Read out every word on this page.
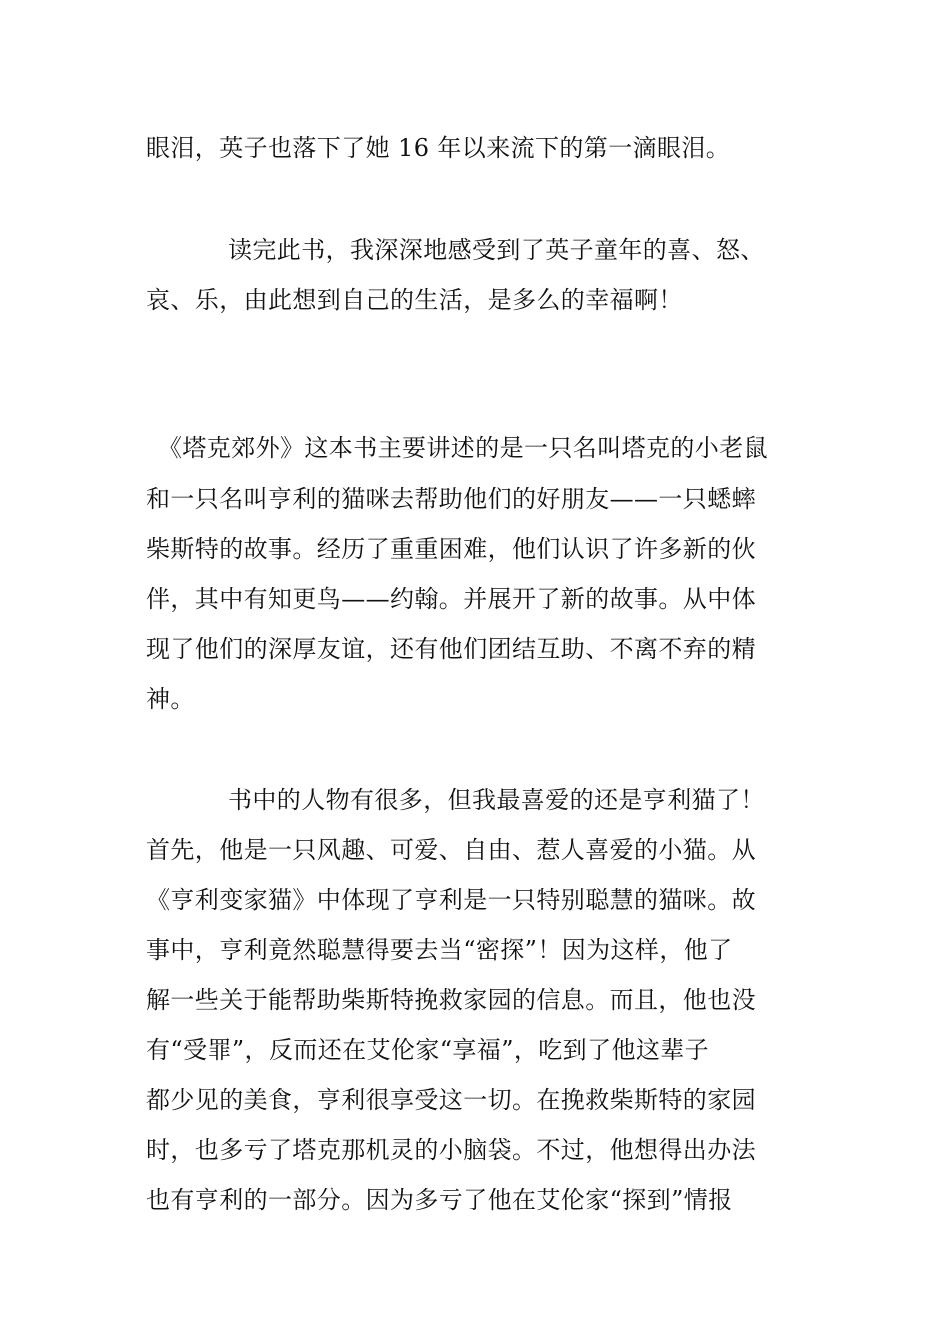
眼泪，英子也落下了她 16 年以来流下的第一滴眼泪。
读完此书，我深深地感受到了英子童年的喜、怒、
哀、乐，由此想到自己的生活，是多么的幸福啊！
《塔克郊外》这本书主要讲述的是一只名叫塔克的小老鼠
和一只名叫亨利的猫咪去帮助他们的好朋友——一只蟋蟀
柴斯特的故事。经历了重重困难，他们认识了许多新的伙
伴，其中有知更鸟——约翰。并展开了新的故事。从中体
现了他们的深厚友谊，还有他们团结互助、不离不弃的精
神。
书中的人物有很多，但我最喜爱的还是亨利猫了！
首先，他是一只风趣、可爱、自由、惹人喜爱的小猫。从
《亨利变家猫》中体现了亨利是一只特别聪慧的猫咪。故
事中，亨利竟然聪慧得要去当“密探”！因为这样，他了
解一些关于能帮助柴斯特挽救家园的信息。而且，他也没
有“受罪”，反而还在艾伦家“享福”，吃到了他这辈子
都少见的美食，亨利很享受这一切。在挽救柴斯特的家园
时，也多亏了塔克那机灵的小脑袋。不过，他想得出办法
也有亨利的一部分。因为多亏了他在艾伦家“探到”情报
